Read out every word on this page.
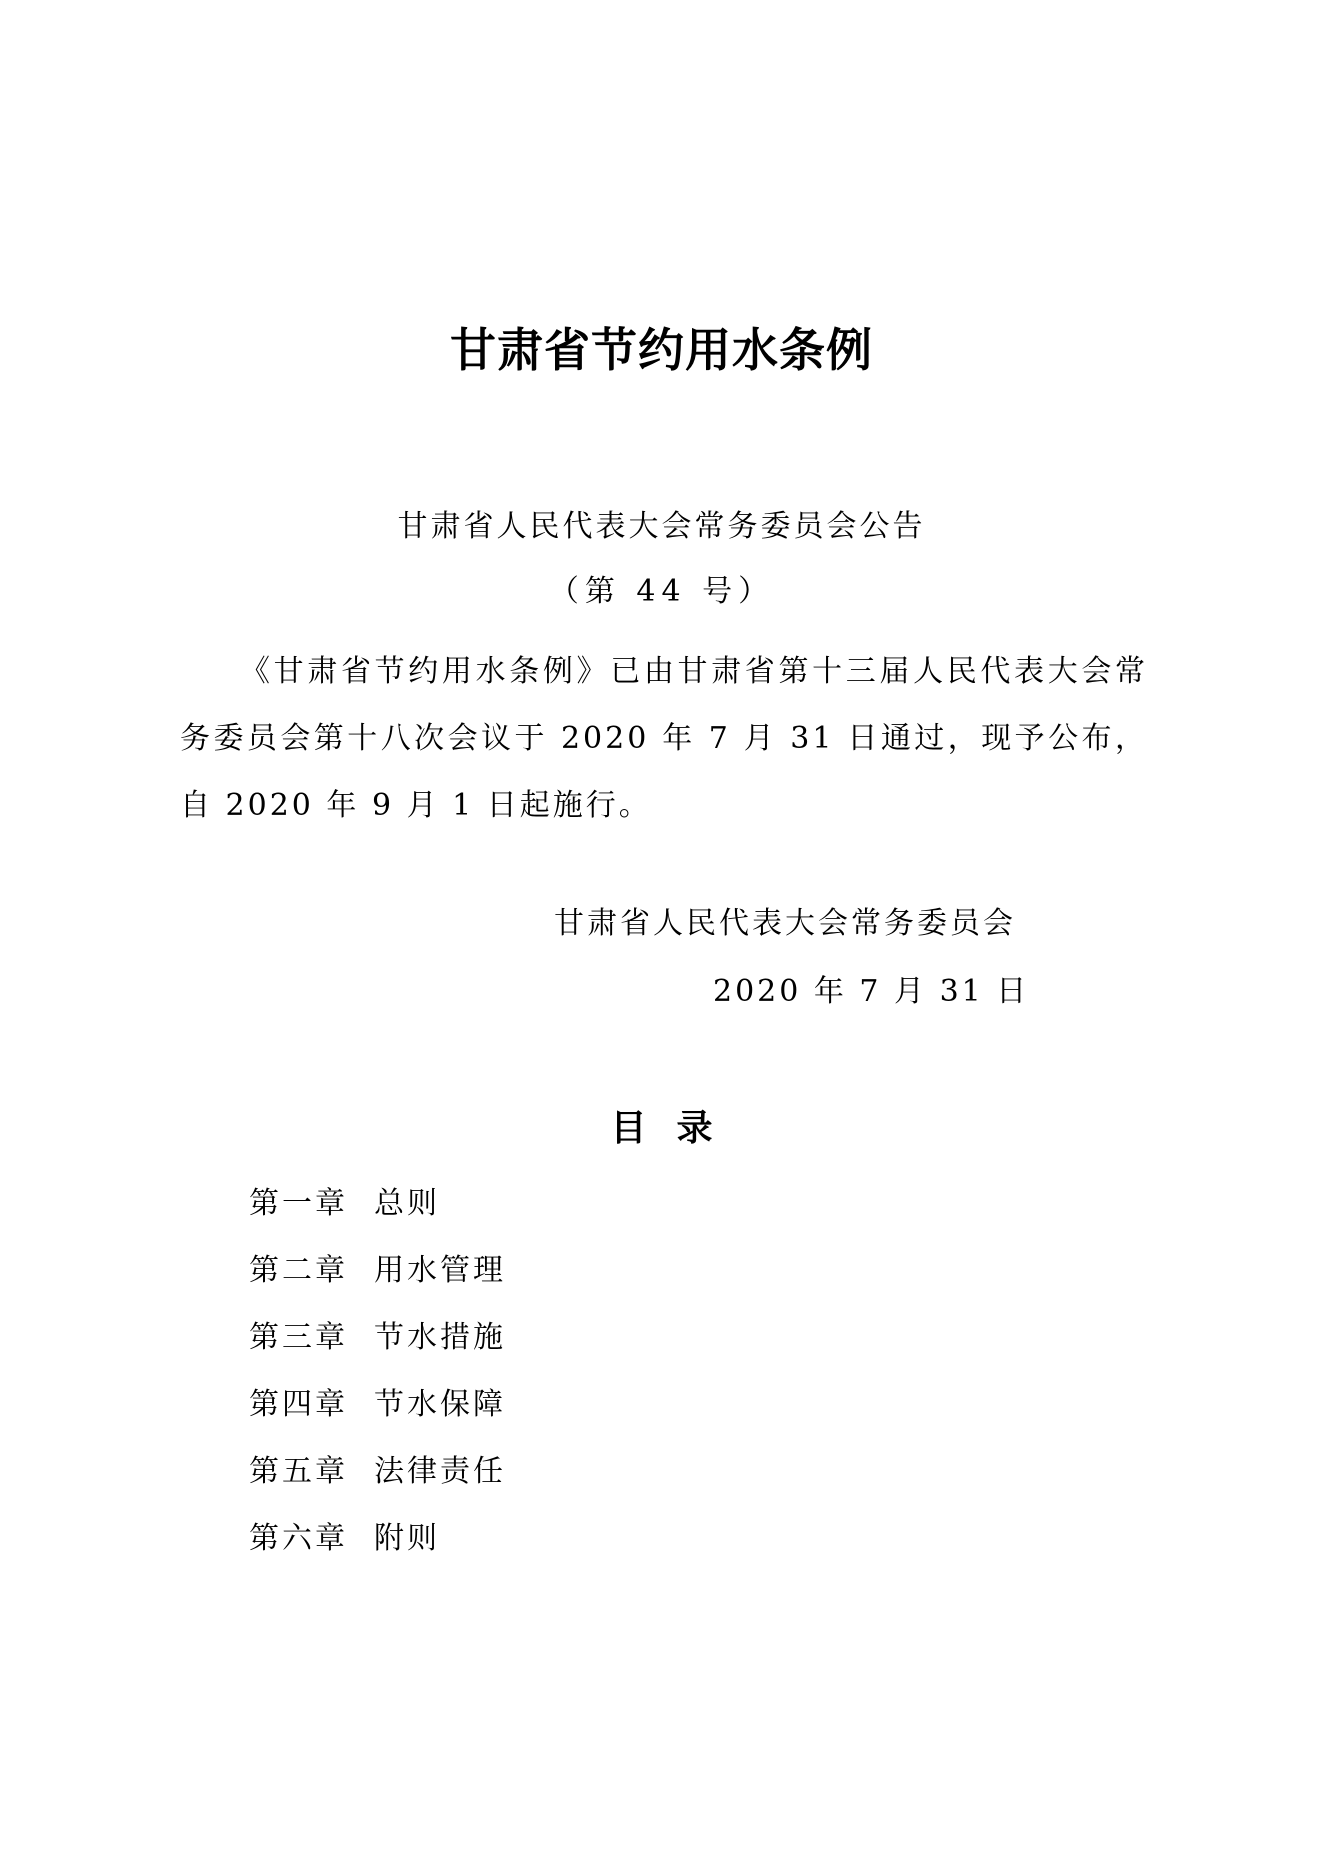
甘肃省节约用水条例
甘肃省人民代表大会常务委员会公告
（第 44 号）

《甘肃省节约用水条例》已由甘肃省第十三届人民代表大会常务委员会第十八次会议于 2020 年 7 月 31 日通过，现予公布，自 2020 年 9 月 1 日起施行。

甘肃省人民代表大会常务委员会
2020 年 7 月 31 日
目录
第一章 总则
第二章 用水管理
第三章 节水措施
第四章 节水保障
第五章 法律责任
第六章 附则
